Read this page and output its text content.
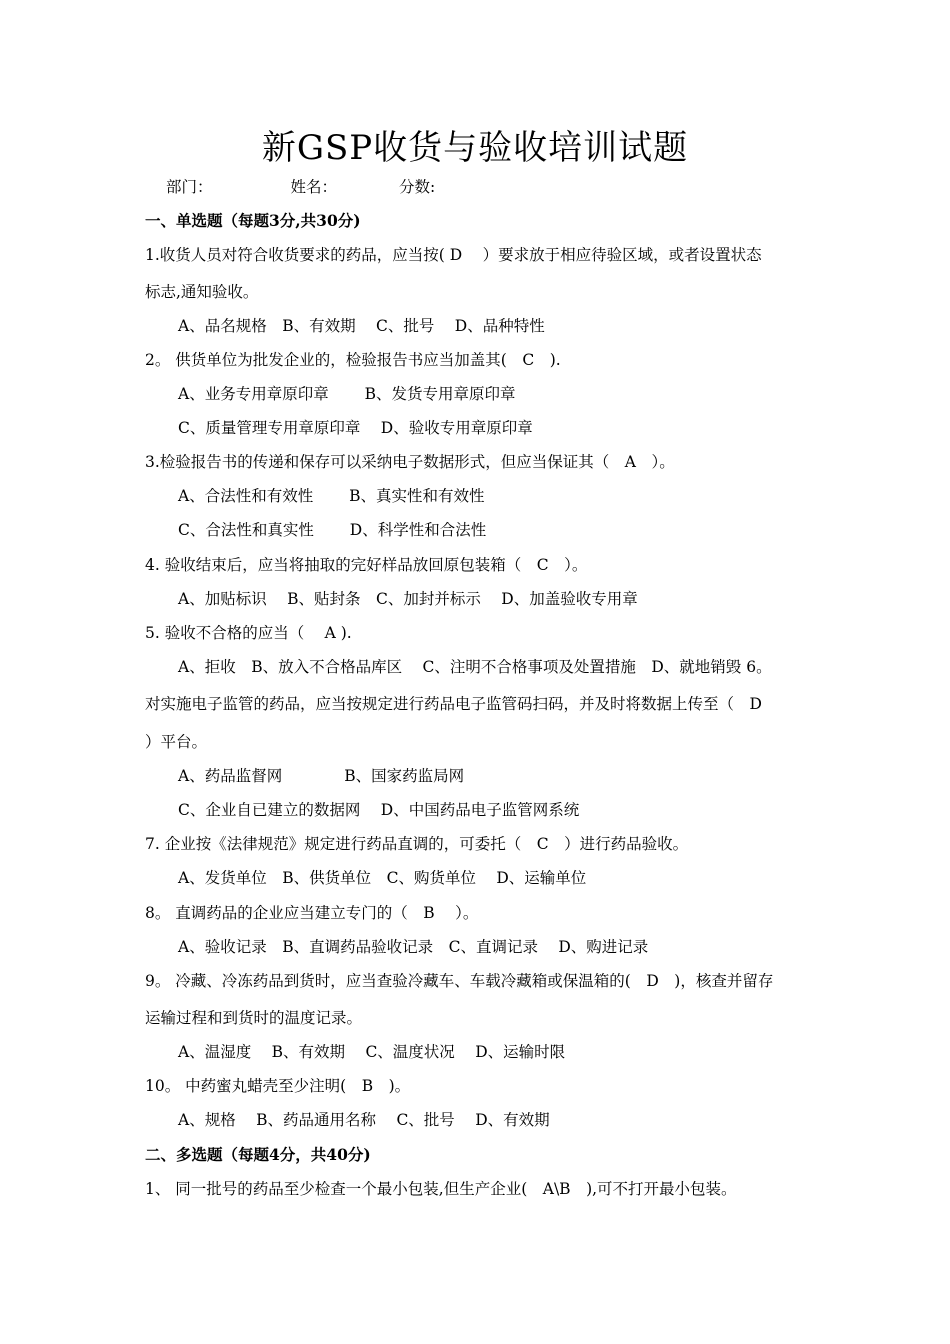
新GSP收货与验收培训试题
部门：	姓名：	分数:
一、单选题（每题3分,共30分)
1.收货人员对符合收货要求的药品，应当按( D　 ）要求放于相应待验区域，或者设置状态
标志,通知验收。
A、品名规格　B、有效期　 C、批号　 D、品种特性
2。 供货单位为批发企业的，检验报告书应当加盖其(　C　).
A、业务专用章原印章　　 B、发货专用章原印章
C、质量管理专用章原印章　 D、验收专用章原印章
3.检验报告书的传递和保存可以采纳电子数据形式，但应当保证其（　A　）。
A、合法性和有效性　　 B、真实性和有效性
C、合法性和真实性　　 D、科学性和合法性
4. 验收结束后，应当将抽取的完好样品放回原包装箱（　C　）。
A、加贴标识　 B、贴封条　C、加封并标示　 D、加盖验收专用章
5. 验收不合格的应当（　 A ).
A、拒收　B、放入不合格品库区　 C、注明不合格事项及处置措施　D、就地销毁 6。
对实施电子监管的药品，应当按规定进行药品电子监管码扫码，并及时将数据上传至（　D
）平台。
A、药品监督网　　　　B、国家药监局网
C、企业自已建立的数据网　 D、中国药品电子监管网系统
7. 企业按《法律规范》规定进行药品直调的，可委托（　C　）进行药品验收。
A、发货单位　B、供货单位　C、购货单位　 D、运输单位
8。 直调药品的企业应当建立专门的（　B　 ）。
A、验收记录　B、直调药品验收记录　C、直调记录　 D、购进记录
9。 冷藏、冷冻药品到货时，应当查验冷藏车、车载冷藏箱或保温箱的(　D　)，核查并留存
运输过程和到货时的温度记录。
A、温湿度　 B、有效期　 C、温度状况　 D、运输时限
10。 中药蜜丸蜡壳至少注明(　B　)。
A、规格　 B、药品通用名称　 C、批号　 D、有效期
二、多选题（每题4分，共40分)
1、 同一批号的药品至少检查一个最小包装,但生产企业(　A\B　),可不打开最小包装。
